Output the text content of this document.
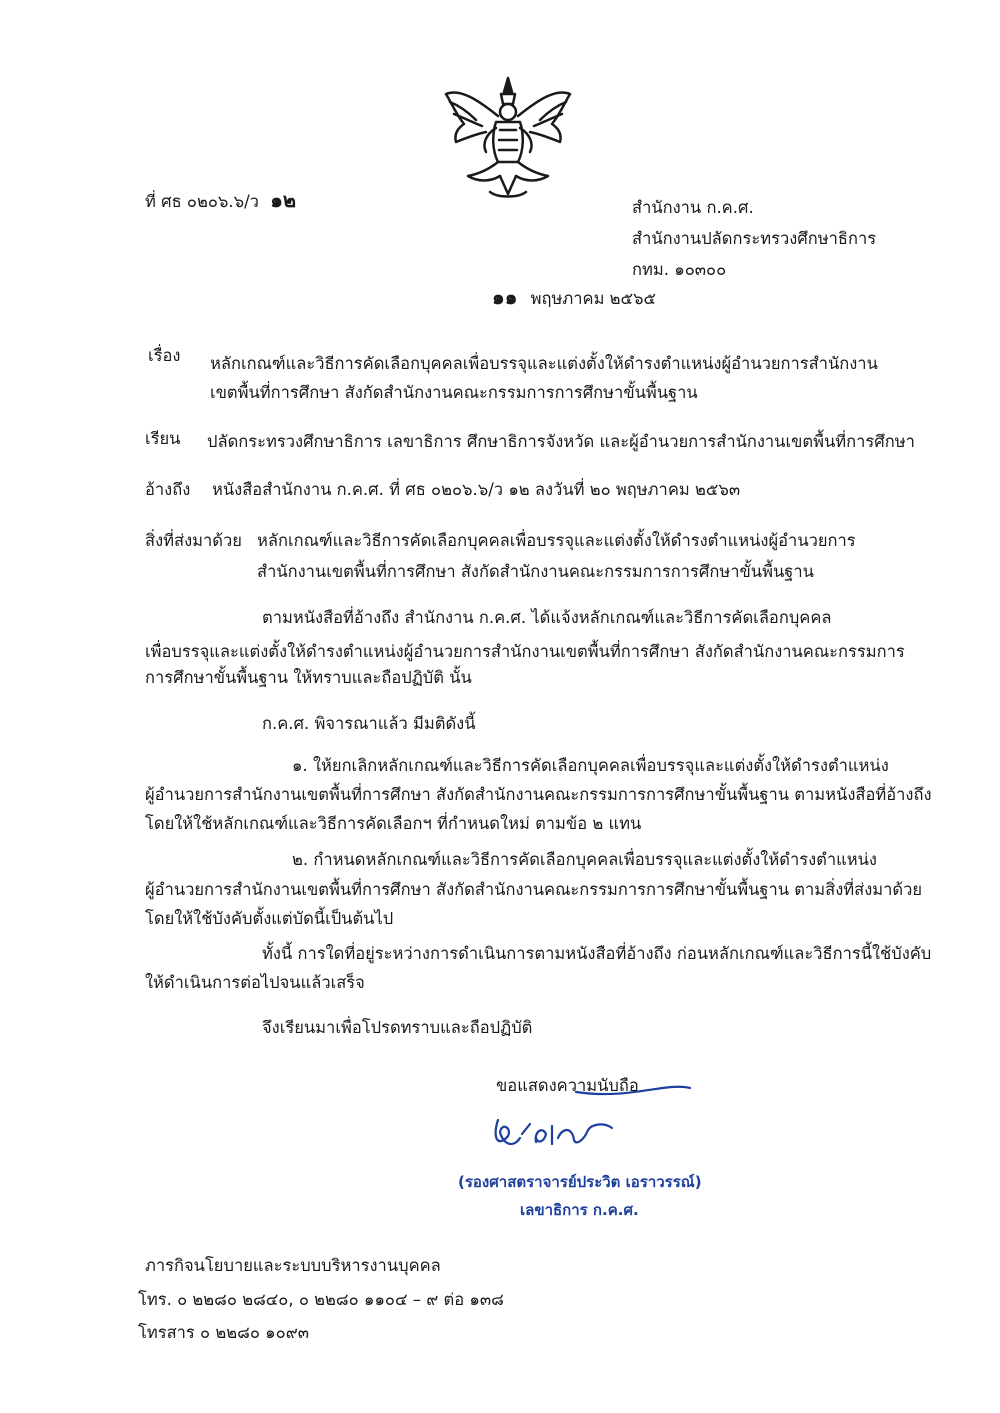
ที่ ศธ ๐๒๐๖.๖/ว ๑๒	สำนักงาน ก.ค.ศ.
สำนักงานปลัดกระทรวงศึกษาธิการ
กทม. ๑๐๓๐๐
๑๑ พฤษภาคม ๒๕๖๕
เรื่อง หลักเกณฑ์และวิธีการคัดเลือกบุคคลเพื่อบรรจุและแต่งตั้งให้ดำรงตำแหน่งผู้อำนวยการสำนักงาน
เขตพื้นที่การศึกษา สังกัดสำนักงานคณะกรรมการการศึกษาขั้นพื้นฐาน
เรียน ปลัดกระทรวงศึกษาธิการ เลขาธิการ ศึกษาธิการจังหวัด และผู้อำนวยการสำนักงานเขตพื้นที่การศึกษา
อ้างถึง หนังสือสำนักงาน ก.ค.ศ. ที่ ศธ ๐๒๐๖.๖/ว ๑๒ ลงวันที่ ๒๐ พฤษภาคม ๒๕๖๓
สิ่งที่ส่งมาด้วย หลักเกณฑ์และวิธีการคัดเลือกบุคคลเพื่อบรรจุและแต่งตั้งให้ดำรงตำแหน่งผู้อำนวยการ
สำนักงานเขตพื้นที่การศึกษา สังกัดสำนักงานคณะกรรมการการศึกษาขั้นพื้นฐาน
ตามหนังสือที่อ้างถึง สำนักงาน ก.ค.ศ. ได้แจ้งหลักเกณฑ์และวิธีการคัดเลือกบุคคล
เพื่อบรรจุและแต่งตั้งให้ดำรงตำแหน่งผู้อำนวยการสำนักงานเขตพื้นที่การศึกษา สังกัดสำนักงานคณะกรรมการ
การศึกษาขั้นพื้นฐาน ให้ทราบและถือปฏิบัติ นั้น
ก.ค.ศ. พิจารณาแล้ว มีมติดังนี้
๑. ให้ยกเลิกหลักเกณฑ์และวิธีการคัดเลือกบุคคลเพื่อบรรจุและแต่งตั้งให้ดำรงตำแหน่ง
ผู้อำนวยการสำนักงานเขตพื้นที่การศึกษา สังกัดสำนักงานคณะกรรมการการศึกษาขั้นพื้นฐาน ตามหนังสือที่อ้างถึง
โดยให้ใช้หลักเกณฑ์และวิธีการคัดเลือกฯ ที่กำหนดใหม่ ตามข้อ ๒ แทน
๒. กำหนดหลักเกณฑ์และวิธีการคัดเลือกบุคคลเพื่อบรรจุและแต่งตั้งให้ดำรงตำแหน่ง
ผู้อำนวยการสำนักงานเขตพื้นที่การศึกษา สังกัดสำนักงานคณะกรรมการการศึกษาขั้นพื้นฐาน ตามสิ่งที่ส่งมาด้วย
โดยให้ใช้บังคับตั้งแต่บัดนี้เป็นต้นไป
ทั้งนี้ การใดที่อยู่ระหว่างการดำเนินการตามหนังสือที่อ้างถึง ก่อนหลักเกณฑ์และวิธีการนี้ใช้บังคับ
ให้ดำเนินการต่อไปจนแล้วเสร็จ
จึงเรียนมาเพื่อโปรดทราบและถือปฏิบัติ
ขอแสดงความนับถือ
(รองศาสตราจารย์ประวิต เอราวรรณ์)
เลขาธิการ ก.ค.ศ.
ภารกิจนโยบายและระบบบริหารงานบุคคล
โทร. ๐ ๒๒๘๐ ๒๘๔๐, ๐ ๒๒๘๐ ๑๑๐๔ – ๙ ต่อ ๑๓๘
โทรสาร ๐ ๒๒๘๐ ๑๐๙๓
